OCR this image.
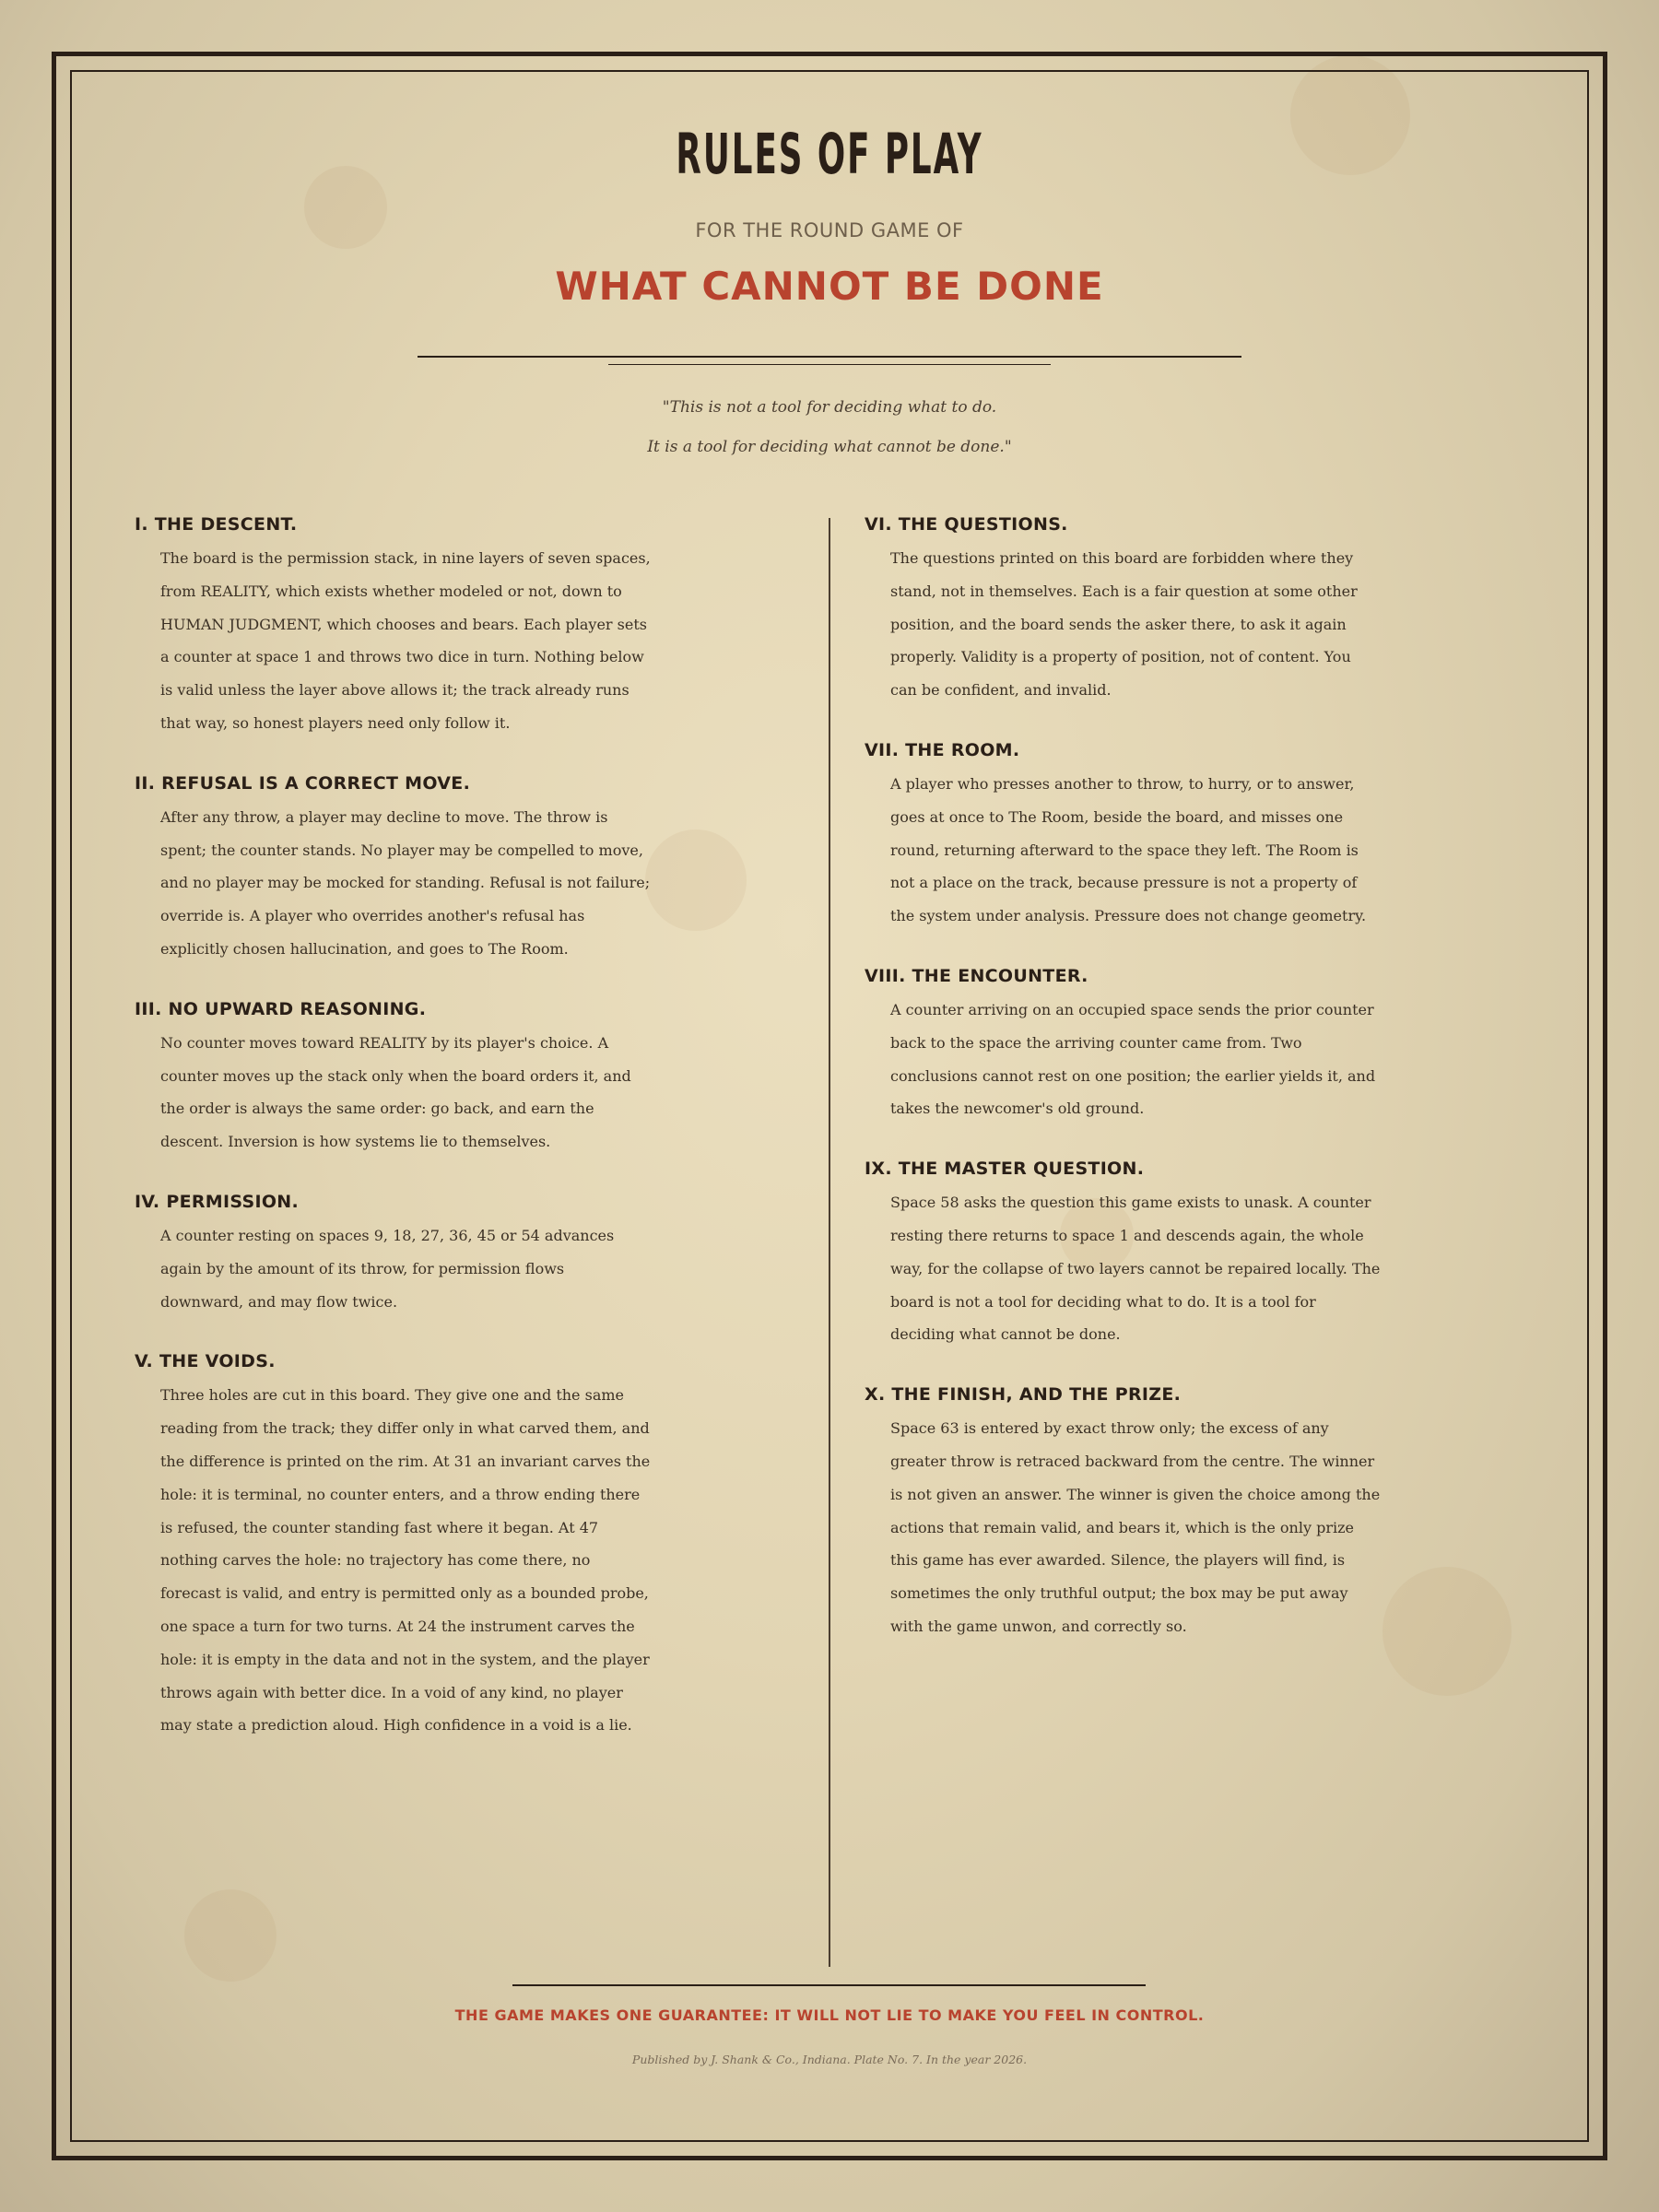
RULES OF PLAY
FOR THE ROUND GAME OF
WHAT CANNOT BE DONE
"This is not a tool for deciding what to do.
It is a tool for deciding what cannot be done."
I. THE DESCENT.

The board is the permission stack, in nine layers of seven spaces, from REALITY, which exists whether modeled or not, down to HUMAN JUDGMENT, which chooses and bears. Each player sets a counter at space 1 and throws two dice in turn. Nothing below is valid unless the layer above allows it; the track already runs that way, so honest players need only follow it.

II. REFUSAL IS A CORRECT MOVE.

After any throw, a player may decline to move. The throw is spent; the counter stands. No player may be compelled to move, and no player may be mocked for standing. Refusal is not failure; override is. A player who overrides another's refusal has explicitly chosen hallucination, and goes to The Room.

III. NO UPWARD REASONING.

No counter moves toward REALITY by its player's choice. A counter moves up the stack only when the board orders it, and the order is always the same order: go back, and earn the descent. Inversion is how systems lie to themselves.

IV. PERMISSION.

A counter resting on spaces 9, 18, 27, 36, 45 or 54 advances again by the amount of its throw, for permission flows downward, and may flow twice.

V. THE VOIDS.

Three holes are cut in this board. They give one and the same reading from the track; they differ only in what carved them, and the difference is printed on the rim. At 31 an invariant carves the hole: it is terminal, no counter enters, and a throw ending there is refused, the counter standing fast where it began. At 47 nothing carves the hole: no trajectory has come there, no forecast is valid, and entry is permitted only as a bounded probe, one space a turn for two turns. At 24 the instrument carves the hole: it is empty in the data and not in the system, and the player throws again with better dice. In a void of any kind, no player may state a prediction aloud. High confidence in a void is a lie.

VI. THE QUESTIONS.

The questions printed on this board are forbidden where they stand, not in themselves. Each is a fair question at some other position, and the board sends the asker there, to ask it again properly. Validity is a property of position, not of content. You can be confident, and invalid.

VII. THE ROOM.

A player who presses another to throw, to hurry, or to answer, goes at once to The Room, beside the board, and misses one round, returning afterward to the space they left. The Room is not a place on the track, because pressure is not a property of the system under analysis. Pressure does not change geometry.

VIII. THE ENCOUNTER.

A counter arriving on an occupied space sends the prior counter back to the space the arriving counter came from. Two conclusions cannot rest on one position; the earlier yields it, and takes the newcomer's old ground.

IX. THE MASTER QUESTION.

Space 58 asks the question this game exists to unask. A counter resting there returns to space 1 and descends again, the whole way, for the collapse of two layers cannot be repaired locally. The board is not a tool for deciding what to do. It is a tool for deciding what cannot be done.

X. THE FINISH, AND THE PRIZE.

Space 63 is entered by exact throw only; the excess of any greater throw is retraced backward from the centre. The winner is not given an answer. The winner is given the choice among the actions that remain valid, and bears it, which is the only prize this game has ever awarded. Silence, the players will find, is sometimes the only truthful output; the box may be put away with the game unwon, and correctly so.

THE GAME MAKES ONE GUARANTEE: IT WILL NOT LIE TO MAKE YOU FEEL IN CONTROL.
Published by J. Shank & Co., Indiana. Plate No. 7. In the year 2026.
